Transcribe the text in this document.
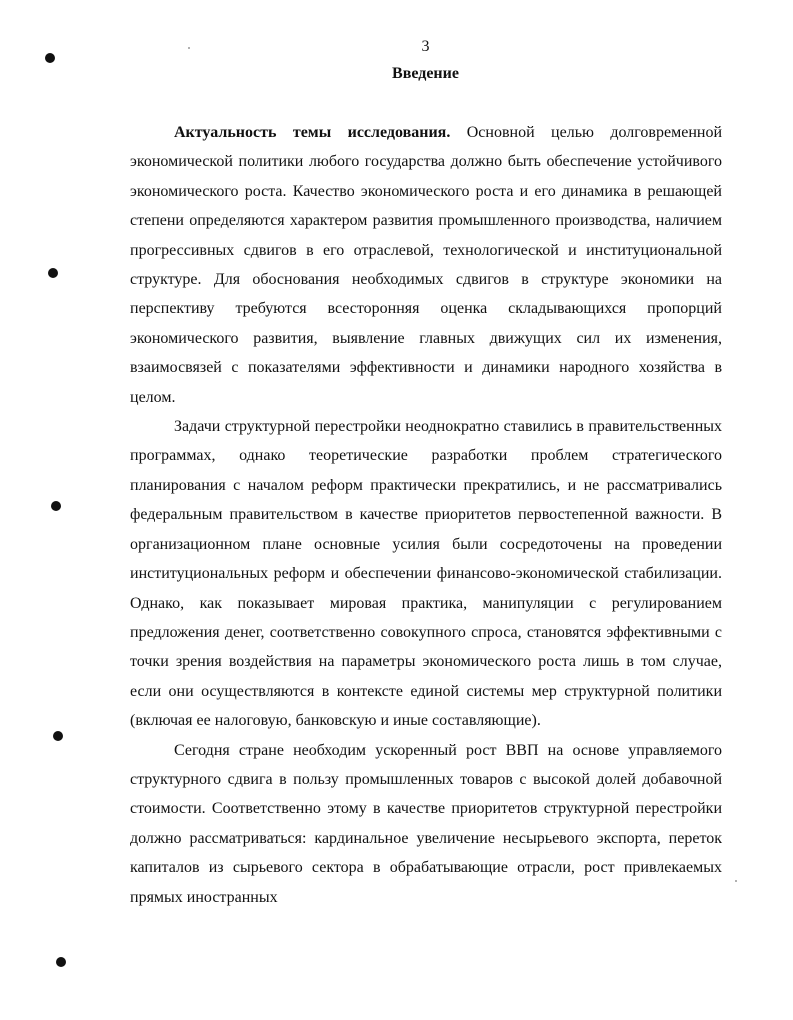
3
Введение

Актуальность темы исследования. Основной целью долговременной экономической политики любого государства должно быть обеспечение устойчивого экономического роста. Качество экономического роста и его динамика в решающей степени определяются характером развития промышленного производства, наличием прогрессивных сдвигов в его отраслевой, технологической и институциональной структуре. Для обоснования необходимых сдвигов в структуре экономики на перспективу требуются всесторонняя оценка складывающихся пропорций экономического развития, выявление главных движущих сил их изменения, взаимосвязей с показателями эффективности и динамики народного хозяйства в целом.

Задачи структурной перестройки неоднократно ставились в правительственных программах, однако теоретические разработки проблем стратегического планирования с началом реформ практически прекратились, и не рассматривались федеральным правительством в качестве приоритетов первостепенной важности. В организационном плане основные усилия были сосредоточены на проведении институциональных реформ и обеспечении финансово-экономической стабилизации. Однако, как показывает мировая практика, манипуляции с регулированием предложения денег, соответственно совокупного спроса, становятся эффективными с точки зрения воздействия на параметры экономического роста лишь в том случае, если они осуществляются в контексте единой системы мер структурной политики (включая ее налоговую, банковскую и иные составляющие).

Сегодня стране необходим ускоренный рост ВВП на основе управляемого структурного сдвига в пользу промышленных товаров с высокой долей добавочной стоимости. Соответственно этому в качестве приоритетов структурной перестройки должно рассматриваться: кардинальное увеличение несырьевого экспорта, переток капиталов из сырьевого сектора в обрабатывающие отрасли, рост привлекаемых прямых иностранных
